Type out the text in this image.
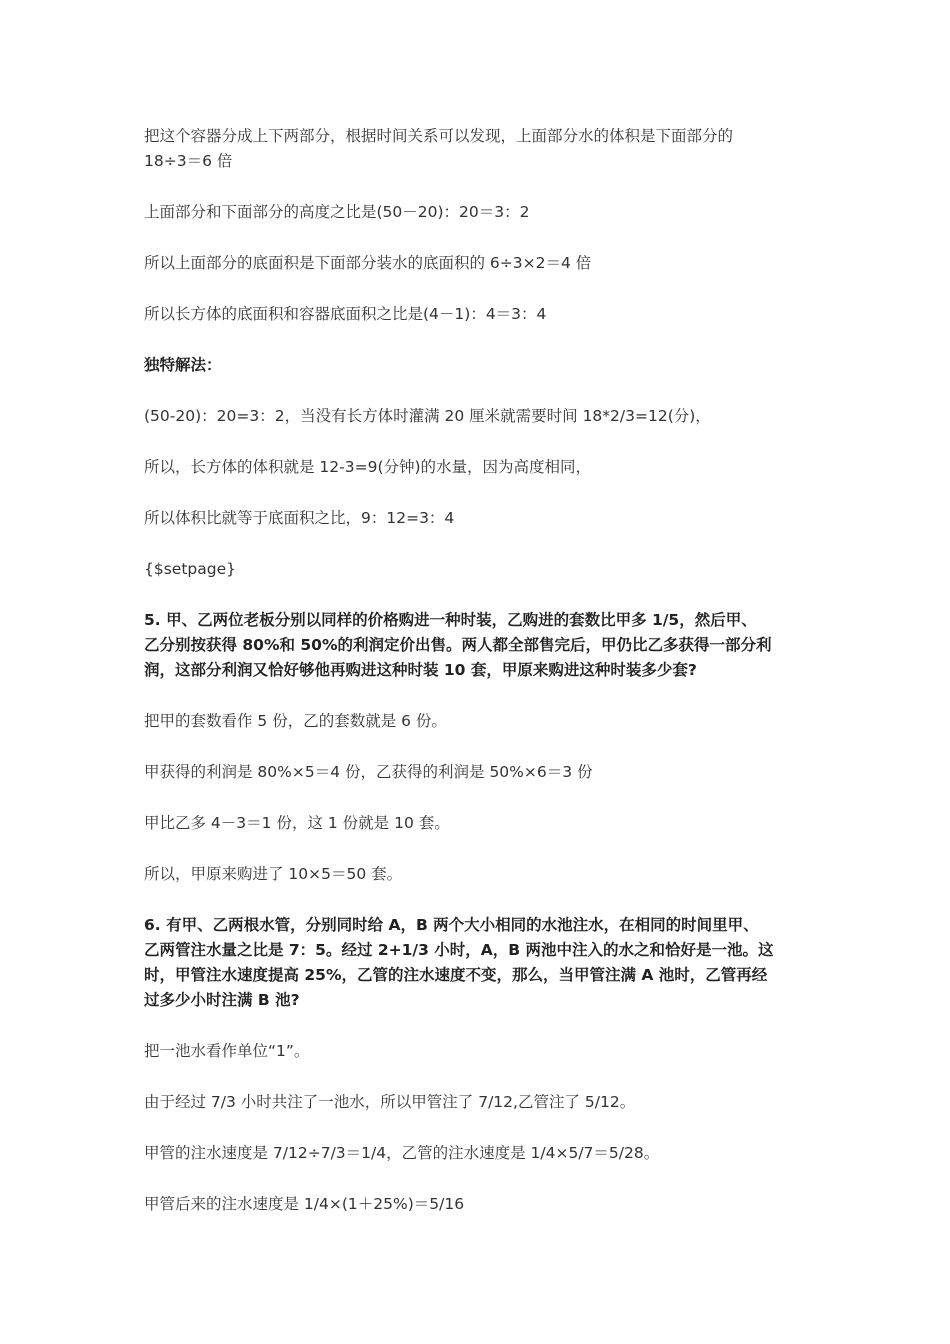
把这个容器分成上下两部分，根据时间关系可以发现，上面部分水的体积是下面部分的
18÷3＝6 倍

上面部分和下面部分的高度之比是(50－20)：20＝3：2

所以上面部分的底面积是下面部分装水的底面积的 6÷3×2＝4 倍

所以长方体的底面积和容器底面积之比是(4－1)：4＝3：4

独特解法：

(50-20)：20=3：2，当没有长方体时灌满 20 厘米就需要时间 18*2/3=12(分)，

所以，长方体的体积就是 12-3=9(分钟)的水量，因为高度相同，

所以体积比就等于底面积之比，9：12=3：4

{$setpage}

5. 甲、乙两位老板分别以同样的价格购进一种时装，乙购进的套数比甲多 1/5，然后甲、
乙分别按获得 80%和 50%的利润定价出售。两人都全部售完后，甲仍比乙多获得一部分利
润，这部分利润又恰好够他再购进这种时装 10 套，甲原来购进这种时装多少套?

把甲的套数看作 5 份，乙的套数就是 6 份。

甲获得的利润是 80%×5＝4 份，乙获得的利润是 50%×6＝3 份

甲比乙多 4－3＝1 份，这 1 份就是 10 套。

所以，甲原来购进了 10×5＝50 套。

6. 有甲、乙两根水管，分别同时给 A，B 两个大小相同的水池注水，在相同的时间里甲、
乙两管注水量之比是 7：5。经过 2+1/3 小时，A，B 两池中注入的水之和恰好是一池。这
时，甲管注水速度提高 25%，乙管的注水速度不变，那么，当甲管注满 A 池时，乙管再经
过多少小时注满 B 池?

把一池水看作单位“1”。

由于经过 7/3 小时共注了一池水，所以甲管注了 7/12,乙管注了 5/12。

甲管的注水速度是 7/12÷7/3＝1/4，乙管的注水速度是 1/4×5/7＝5/28。

甲管后来的注水速度是 1/4×(1＋25%)＝5/16
